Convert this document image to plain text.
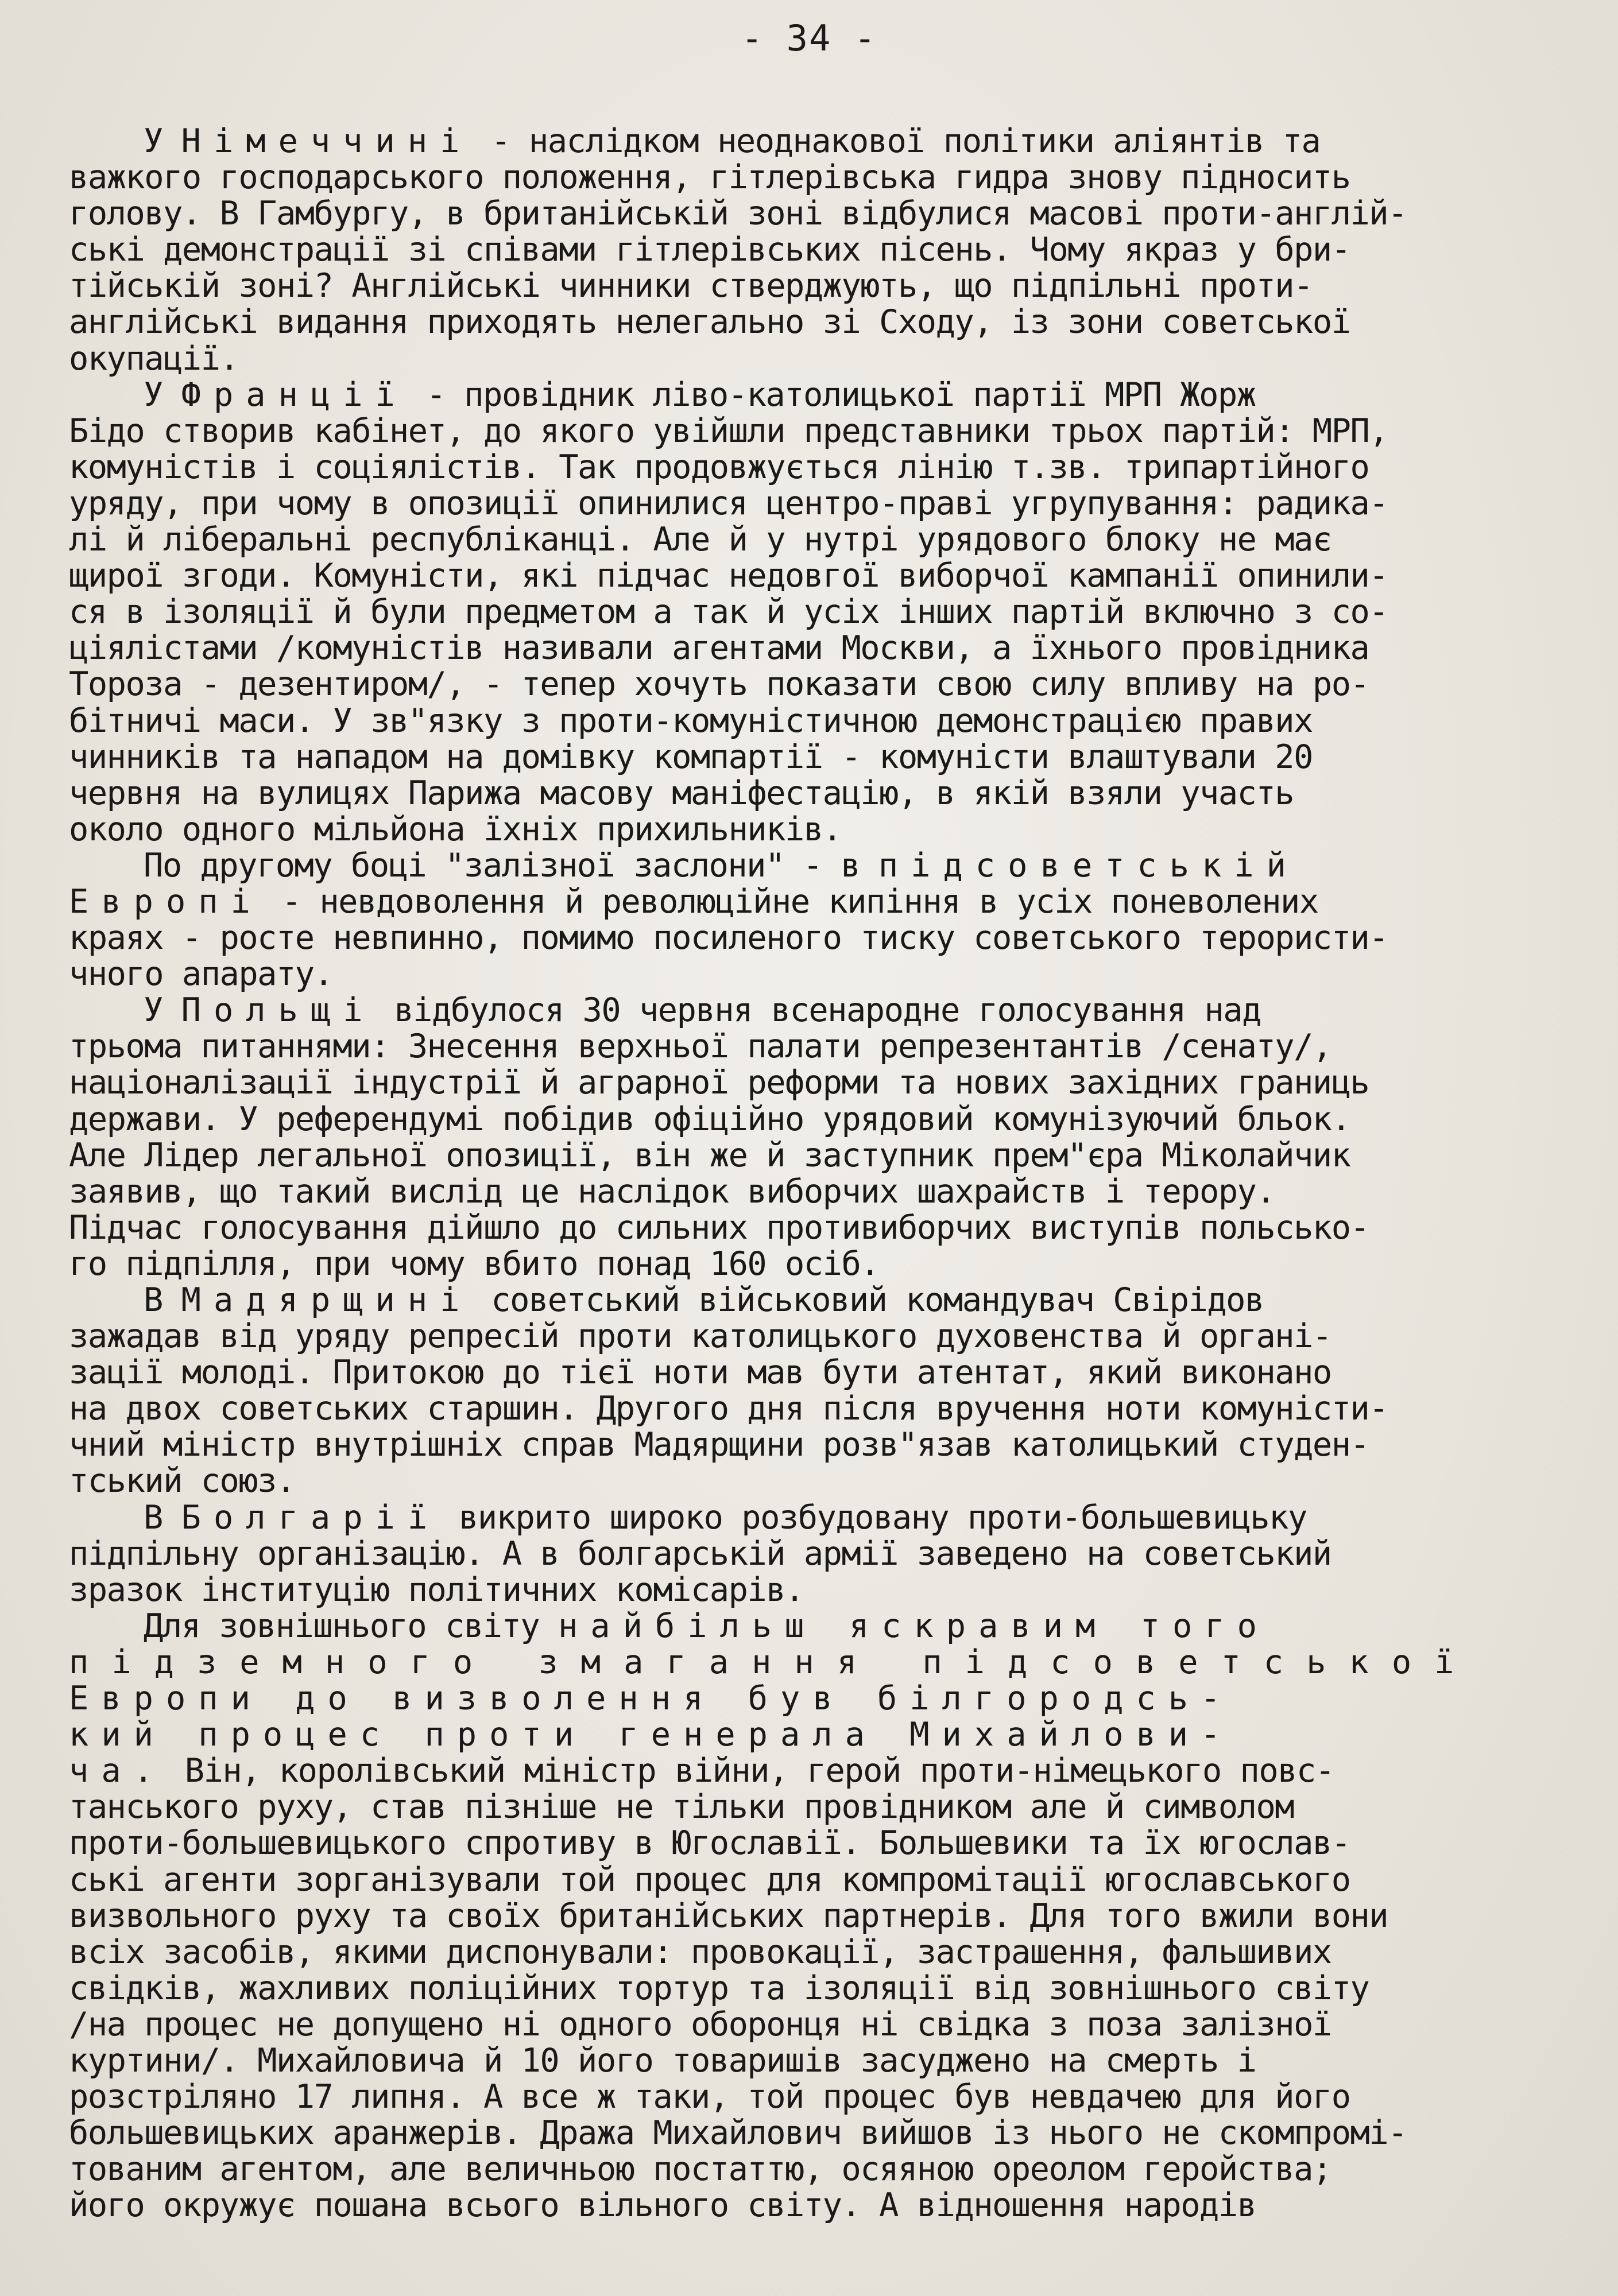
- 34 -
У Німеччині - наслідком неоднакової політики аліянтів та
важкого господарського положення, гітлерівська гидра знову підносить
голову. В Гамбургу, в британійській зоні відбулися масові проти-англій-
ські демонстрації зі співами гітлерівських пісень. Чому якраз у бри-
тійській зоні? Англійські чинники стверджують, що підпільні проти-
англійські видання приходять нелегально зі Сходу, із зони советської
окупації.
У Франції - провідник ліво-католицької партії МРП Жорж
Бідо створив кабінет, до якого увійшли представники трьох партій: МРП,
комуністів і соціялістів. Так продовжується лінію т.зв. трипартійного
уряду, при чому в опозиції опинилися центро-праві угрупування: радика-
лі й ліберальні республіканці. Але й у нутрі урядового блоку не має
щирої згоди. Комуністи, які підчас недовгої виборчої кампанії опинили-
ся в ізоляції й були предметом а так й усіх інших партій включно з со-
ціялістами /комуністів називали агентами Москви, а їхнього провідника
Тороза - дезентиром/, - тепер хочуть показати свою силу впливу на ро-
бітничі маси. У зв"язку з проти-комуністичною демонстрацією правих
чинників та нападом на домівку компартії - комуністи влаштували 20
червня на вулицях Парижа масову маніфестацію, в якій взяли участь
около одного мільйона їхніх прихильників.
По другому боці "залізної заслони" - в підсоветській
Европі - невдоволення й революційне кипіння в усіх поневолених
краях - росте невпинно, помимо посиленого тиску советського терористи-
чного апарату.
У Польщі відбулося 30 червня всенародне голосування над
трьома питаннями: Знесення верхньої палати репрезентантів /сенату/,
націоналізації індустрії й аграрної реформи та нових західних границь
держави. У референдумі побідив офіційно урядовий комунізуючий бльок.
Але Лідер легальної опозиції, він же й заступник прем"єра Міколайчик
заявив, що такий вислід це наслідок виборчих шахрайств і терору.
Підчас голосування дійшло до сильних противиборчих виступів польсько-
го підпілля, при чому вбито понад 160 осіб.
В Мадярщині советський військовий командувач Свірідов
зажадав від уряду репресій проти католицького духовенства й органі-
зації молоді. Притокою до тієї ноти мав бути атентат, який виконано
на двох советських старшин. Другого дня після вручення ноти комуністи-
чний міністр внутрішніх справ Мадярщини розв"язав католицький студен-
тський союз.
В Болгарії викрито широко розбудовану проти-большевицьку
підпільну організацію. А в болгарській армії заведено на советський
зразок інституцію політичних комісарів.
Для зовнішнього світу найбільш яскравим того
підземного змагання підсоветської
Европи до визволення був білгородсь-
кий процес проти генерала Михайлови-
ча. Він, королівський міністр війни, герой проти-німецького повс-
танського руху, став пізніше не тільки провідником але й символом
проти-большевицького спротиву в Югославії. Большевики та їх югослав-
ські агенти зорганізували той процес для компромітації югославського
визвольного руху та своїх британійських партнерів. Для того вжили вони
всіх засобів, якими диспонували: провокації, застрашення, фальшивих
свідків, жахливих поліційних тортур та ізоляції від зовнішнього світу
/на процес не допущено ні одного оборонця ні свідка з поза залізної
куртини/. Михайловича й 10 його товаришів засуджено на смерть і
розстріляно 17 липня. А все ж таки, той процес був невдачею для його
большевицьких аранжерів. Дража Михайлович вийшов із нього не скомпромі-
тованим агентом, але величньою постаттю, осяяною ореолом геройства;
його окружує пошана всього вільного світу. А відношення народів
